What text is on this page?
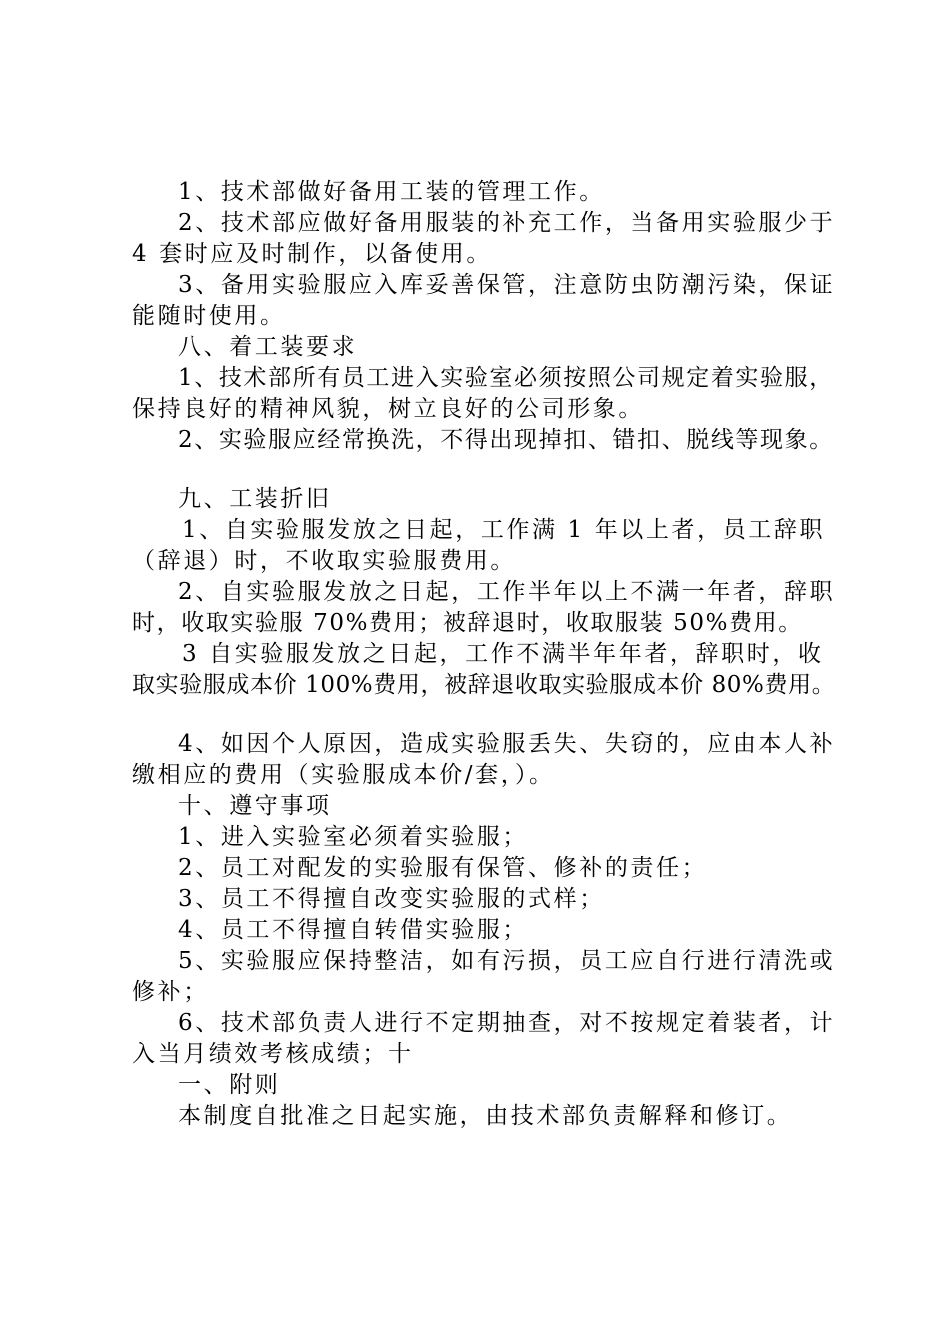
1、技术部做好备用工装的管理工作。
2、技术部应做好备用服装的补充工作，当备用实验服少于
4 套时应及时制作，以备使用。
3、备用实验服应入库妥善保管，注意防虫防潮污染，保证
能随时使用。
八、着工装要求
1、技术部所有员工进入实验室必须按照公司规定着实验服，
保持良好的精神风貌，树立良好的公司形象。
2、实验服应经常换洗，不得出现掉扣、错扣、脱线等现象。
九、工装折旧
1、自实验服发放之日起，工作满 1 年以上者，员工辞职
（辞退）时，不收取实验服费用。
2、自实验服发放之日起，工作半年以上不满一年者，辞职
时，收取实验服 70%费用；被辞退时，收取服装 50%费用。
3 自实验服发放之日起，工作不满半年年者，辞职时，收
取实验服成本价 100%费用，被辞退收取实验服成本价 80%费用。
4、如因个人原因，造成实验服丢失、失窃的，应由本人补
缴相应的费用（实验服成本价/套，）。
十、遵守事项
1、进入实验室必须着实验服；
2、员工对配发的实验服有保管、修补的责任；
3、员工不得擅自改变实验服的式样；
4、员工不得擅自转借实验服；
5、实验服应保持整洁，如有污损，员工应自行进行清洗或
修补；
6、技术部负责人进行不定期抽查，对不按规定着装者，计
入当月绩效考核成绩；十
一、附则
本制度自批准之日起实施，由技术部负责解释和修订。
